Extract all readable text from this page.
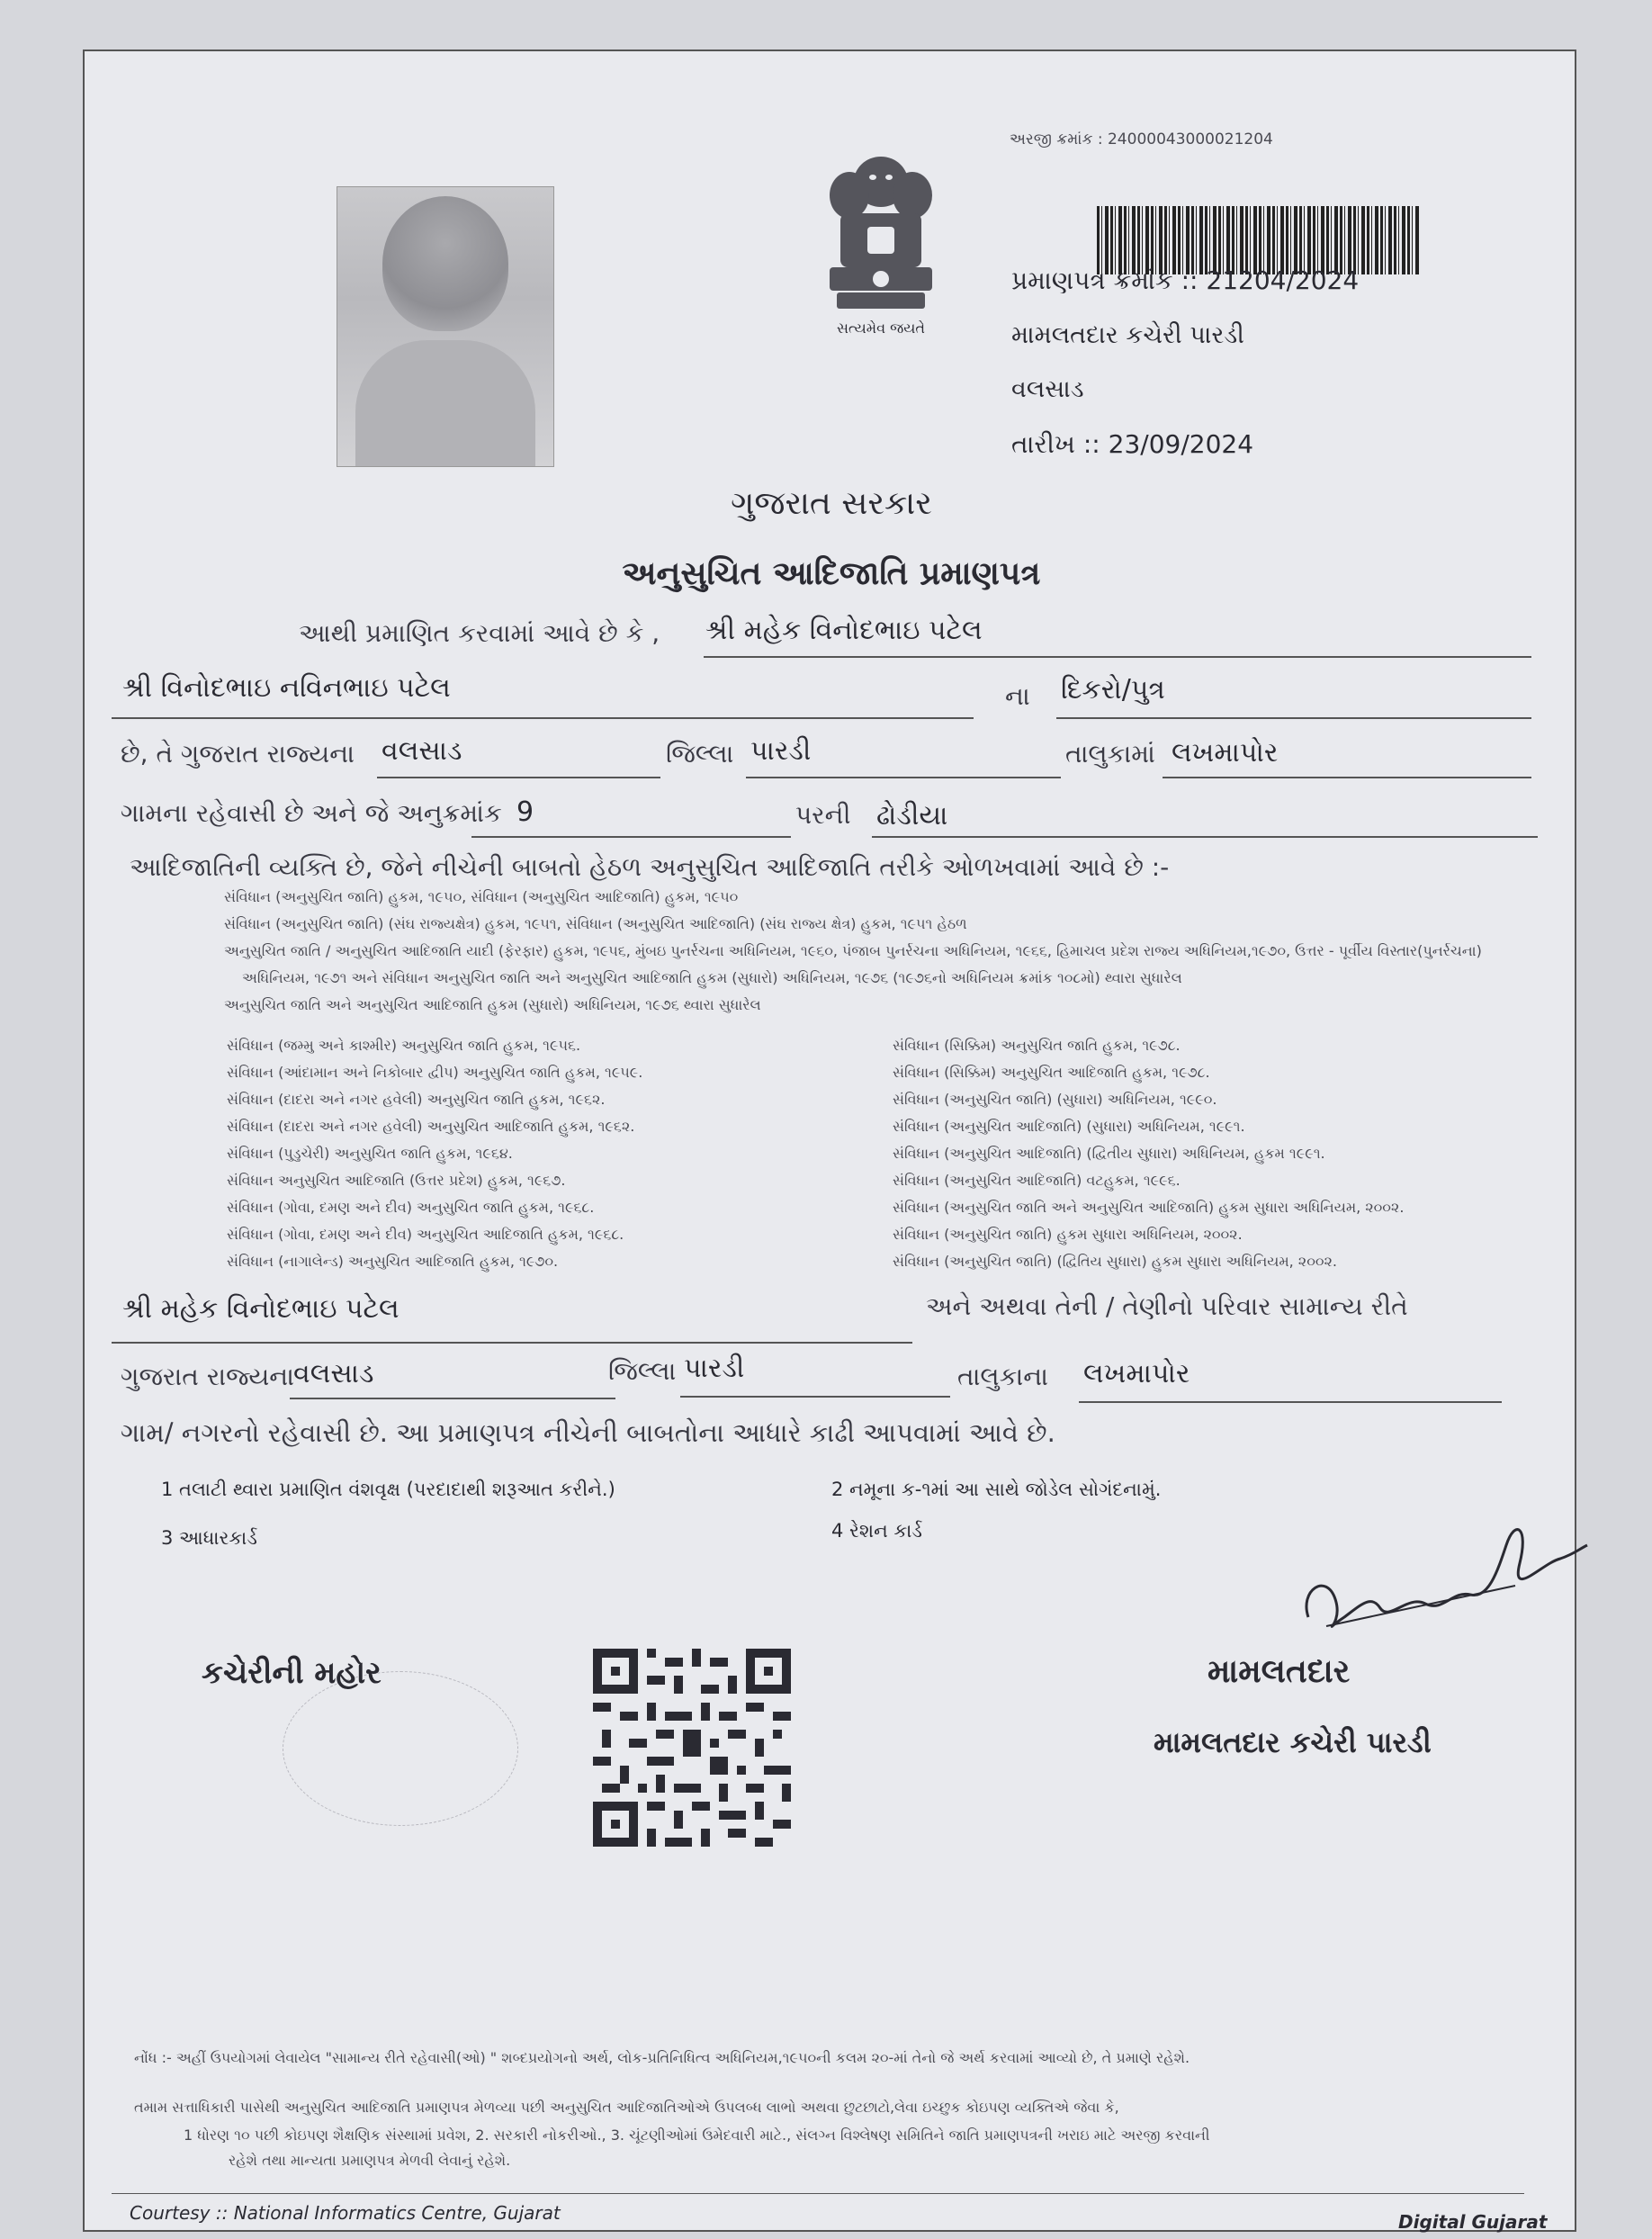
સત્યમેવ જયતે
અરજી ક્રમાંક : 24000043000021204
પ્રમાણપત્ર ક્રમાંક :: 21204/2024
મામલતદાર કચેરી પારડી
વલસાડ
તારીખ :: 23/09/2024
ગુજરાત સરકાર
અનુસુચિત આદિજાતિ પ્રમાણપત્ર
આથી પ્રમાણિત કરવામાં આવે છે કે , શ્રી મહેક વિનોદભાઇ પટેલ
શ્રી વિનોદભાઇ નવિનભાઇ પટેલ	ના દિકરો/પુત્ર
છે, તે ગુજરાત રાજ્યના વલસાડ	જિલ્લા પારડી	તાલુકામાં લખમાપોર
ગામના રહેવાસી છે અને જે અનુક્રમાંક 9	પરની ઢોડીયા
આદિજાતિની વ્યક્તિ છે, જેને નીચેની બાબતો હેઠળ અનુસુચિત આદિજાતિ તરીકે ઓળખવામાં આવે છે :-
સંવિધાન (અનુસુચિત જાતિ) હુકમ, ૧૯૫૦, સંવિધાન (અનુસુચિત આદિજાતિ) હુકમ, ૧૯૫૦
સંવિધાન (અનુસુચિત જાતિ) (સંઘ રાજ્યક્ષેત્ર) હુકમ, ૧૯૫૧, સંવિધાન (અનુસુચિત આદિજાતિ) (સંઘ રાજ્ય ક્ષેત્ર) હુકમ, ૧૯૫૧ હેઠળ
અનુસુચિત જાતિ / અનુસુચિત આદિજાતિ યાદી (ફેરફાર) હુકમ, ૧૯૫૬, મુંબઇ પુનર્રચના અધિનિયમ, ૧૯૬૦, પંજાબ પુનર્રચના અધિનિયમ, ૧૯૬૬, હિમાચલ પ્રદેશ રાજ્ય અધિનિયમ,૧૯૭૦, ઉત્તર - પૂર્વીય વિસ્તાર(પુનર્રચના)
અધિનિયમ, ૧૯૭૧ અને સંવિધાન અનુસુચિત જાતિ અને અનુસુચિત આદિજાતિ હુકમ (સુધારો) અધિનિયમ, ૧૯૭૬ (૧૯૭૬નો અધિનિયમ ક્રમાંક ૧૦૮મો) થ્વારા સુધારેલ
અનુસુચિત જાતિ અને અનુસુચિત આદિજાતિ હુકમ (સુધારો) અધિનિયમ, ૧૯૭૬ થ્વારા સુધારેલ
સંવિધાન (જમ્મુ અને કાશ્મીર) અનુસુચિત જાતિ હુકમ, ૧૯૫૬.
સંવિધાન (આંદામાન અને નિકોબાર દ્વીપ) અનુસુચિત જાતિ હુકમ, ૧૯૫૯.
સંવિધાન (દાદરા અને નગર હવેલી) અનુસુચિત જાતિ હુકમ, ૧૯૬૨.
સંવિધાન (દાદરા અને નગર હવેલી) અનુસુચિત આદિજાતિ હુકમ, ૧૯૬૨.
સંવિધાન (પુડુચેરી) અનુસુચિત જાતિ હુકમ, ૧૯૬૪.
સંવિધાન અનુસુચિત આદિજાતિ (ઉત્તર પ્રદેશ) હુકમ, ૧૯૬૭.
સંવિધાન (ગોવા, દમણ અને દીવ) અનુસુચિત જાતિ હુકમ, ૧૯૬૮.
સંવિધાન (ગોવા, દમણ અને દીવ) અનુસુચિત આદિજાતિ હુકમ, ૧૯૬૮.
સંવિધાન (નાગાલેન્ડ) અનુસુચિત આદિજાતિ હુકમ, ૧૯૭૦.
સંવિધાન (સિક્કિમ) અનુસુચિત જાતિ હુકમ, ૧૯૭૮.
સંવિધાન (સિક્કિમ) અનુસુચિત આદિજાતિ હુકમ, ૧૯૭૮.
સંવિધાન (અનુસુચિત જાતિ) (સુધારા) અધિનિયમ, ૧૯૯૦.
સંવિધાન (અનુસુચિત આદિજાતિ) (સુધારા) અધિનિયમ, ૧૯૯૧.
સંવિધાન (અનુસુચિત આદિજાતિ) (દ્વિતીય સુધારા) અધિનિયમ, હુકમ ૧૯૯૧.
સંવિધાન (અનુસુચિત આદિજાતિ) વટહુકમ, ૧૯૯૬.
સંવિધાન (અનુસુચિત જાતિ અને અનુસુચિત આદિજાતિ) હુકમ સુધારા અધિનિયમ, ૨૦૦૨.
સંવિધાન (અનુસુચિત જાતિ) હુકમ સુધારા અધિનિયમ, ૨૦૦૨.
સંવિધાન (અનુસુચિત જાતિ) (દ્વિતિય સુધારા) હુકમ સુધારા અધિનિયમ, ૨૦૦૨.
શ્રી મહેક વિનોદભાઇ પટેલ	અને અથવા તેની / તેણીનો પરિવાર સામાન્ય રીતે
ગુજરાત રાજ્યના
વલસાડ	જિલ્લા પારડી	તાલુકાના લખમાપોર
ગામ/ નગરનો રહેવાસી છે. આ પ્રમાણપત્ર નીચેની બાબતોના આધારે કાઢી આપવામાં આવે છે.
1 તલાટી થ્વારા પ્રમાણિત વંશવૃક્ષ (પરદાદાથી શરૂઆત કરીને.)	2 નમૂના ક-૧માં આ સાથે જોડેલ સોગંદનામું.
3 આધારકાર્ડ	4 રેશન કાર્ડ
કચેરીની મહોર	મામલતદાર
મામલતદાર કચેરી પારડી
નોંધ :- અહીં ઉપયોગમાં લેવાયેલ "સામાન્ય રીતે રહેવાસી(ઓ) " શબ્દપ્રયોગનો અર્થ, લોક-પ્રતિનિધિત્વ અધિનિયમ,૧૯૫૦ની કલમ ૨૦-માં તેનો જે અર્થ કરવામાં આવ્યો છે, તે પ્રમાણે રહેશે.
તમામ સત્તાધિકારી પાસેથી અનુસુચિત આદિજાતિ પ્રમાણપત્ર મેળવ્યા પછી અનુસુચિત આદિજાતિઓએ ઉપલબ્ધ લાભો અથવા છુટછાટો,લેવા ઇચ્છુક કોઇપણ વ્યક્તિએ જેવા કે,
1 ધોરણ ૧૦ પછી કોઇપણ શૈક્ષણિક સંસ્થામાં પ્રવેશ, 2. સરકારી નોકરીઓ., 3. ચૂંટણીઓમાં ઉમેદવારી માટે., સંલગ્ન વિશ્લેષણ સમિતિને જાતિ પ્રમાણપત્રની ખરાઇ માટે અરજી કરવાની
રહેશે તથા માન્યતા પ્રમાણપત્ર મેળવી લેવાનું રહેશે.
Courtesy :: National Informatics Centre, Gujarat	Digital Gujarat
